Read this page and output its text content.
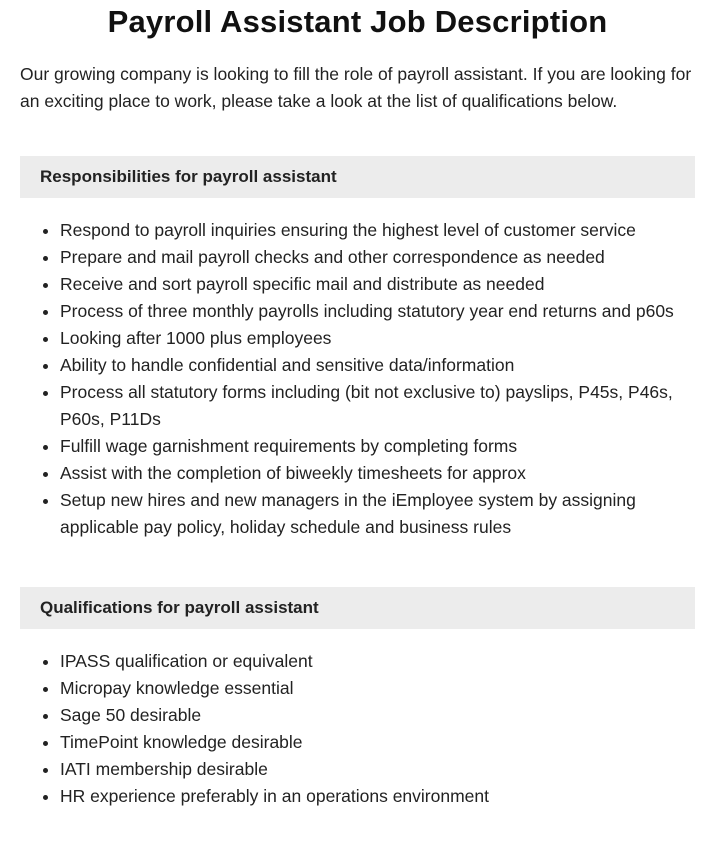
Payroll Assistant Job Description

Our growing company is looking to fill the role of payroll assistant. If you are looking for an exciting place to work, please take a look at the list of qualifications below.

Responsibilities for payroll assistant
• Respond to payroll inquiries ensuring the highest level of customer service
• Prepare and mail payroll checks and other correspondence as needed
• Receive and sort payroll specific mail and distribute as needed
• Process of three monthly payrolls including statutory year end returns and p60s
• Looking after 1000 plus employees
• Ability to handle confidential and sensitive data/information
• Process all statutory forms including (bit not exclusive to) payslips, P45s, P46s, P60s, P11Ds
• Fulfill wage garnishment requirements by completing forms
• Assist with the completion of biweekly timesheets for approx
• Setup new hires and new managers in the iEmployee system by assigning applicable pay policy, holiday schedule and business rules
Qualifications for payroll assistant
• IPASS qualification or equivalent
• Micropay knowledge essential
• Sage 50 desirable
• TimePoint knowledge desirable
• IATI membership desirable
• HR experience preferably in an operations environment
